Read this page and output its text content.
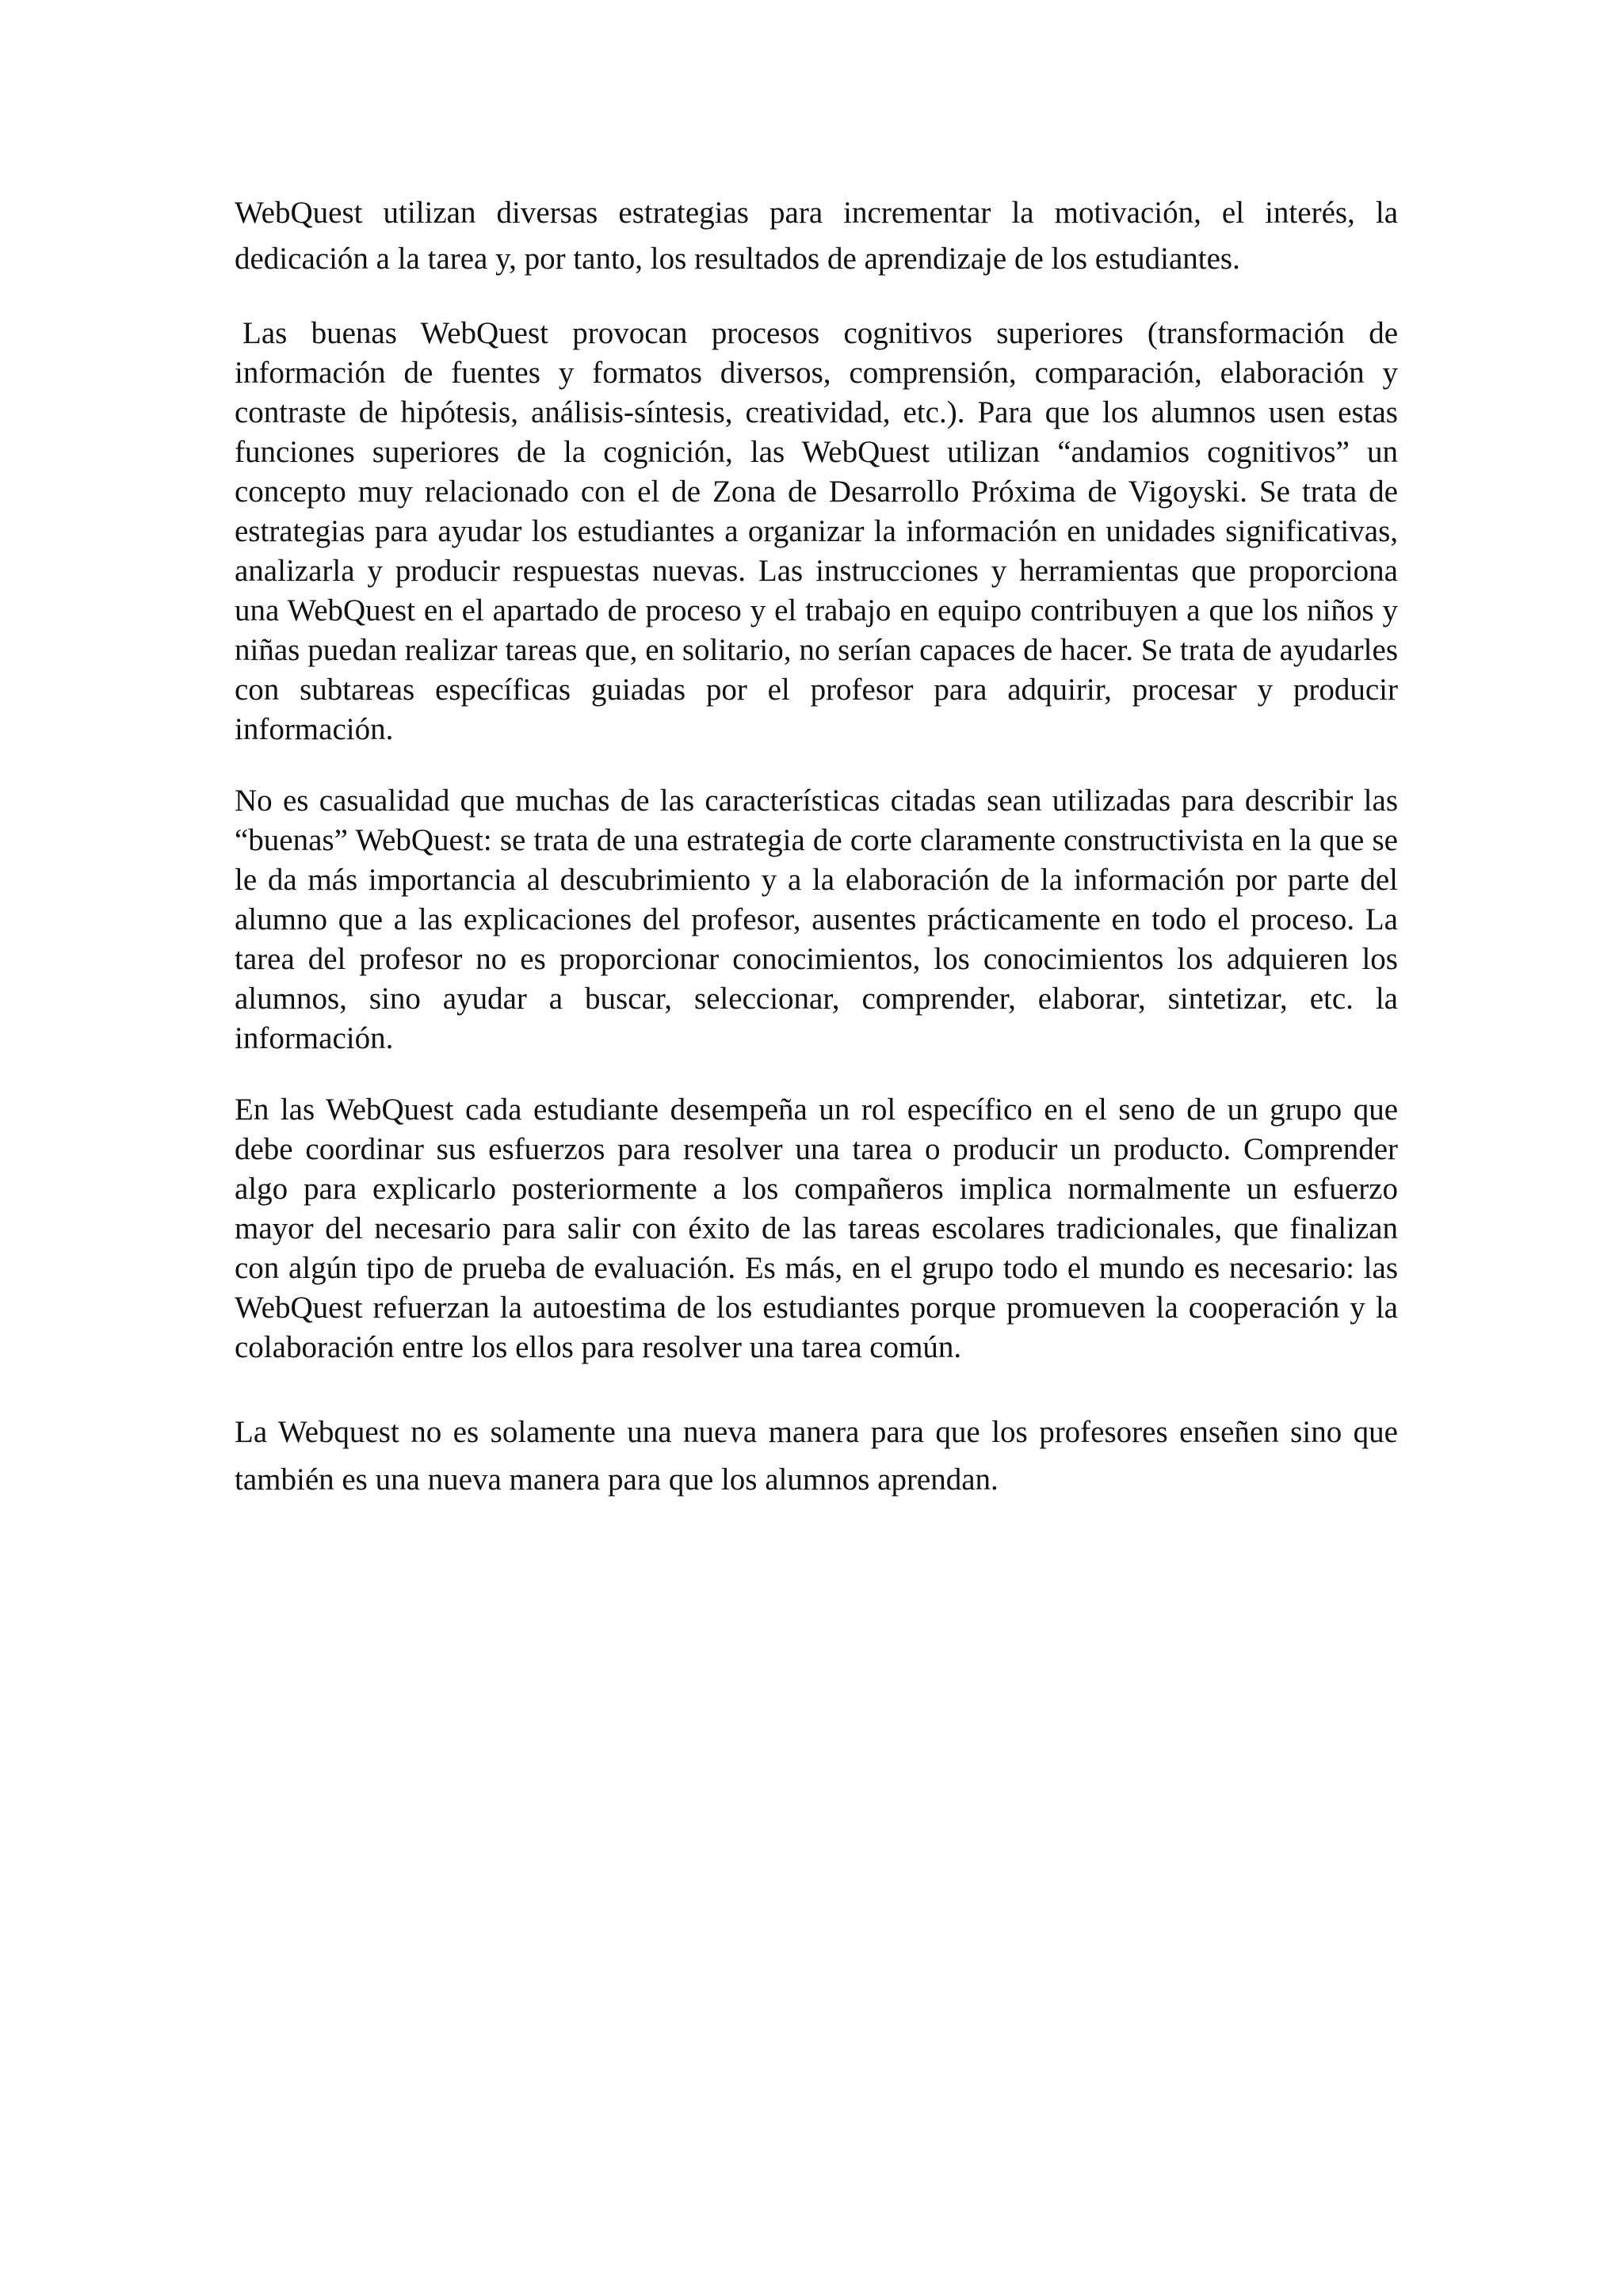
WebQuest utilizan diversas estrategias para incrementar la motivación, el interés, la dedicación a la tarea y, por tanto, los resultados de aprendizaje de los estudiantes.

Las buenas WebQuest provocan procesos cognitivos superiores (transformación de información de fuentes y formatos diversos, comprensión, comparación, elaboración y contraste de hipótesis, análisis-síntesis, creatividad, etc.). Para que los alumnos usen estas funciones superiores de la cognición, las WebQuest utilizan “andamios cognitivos” un concepto muy relacionado con el de Zona de Desarrollo Próxima de Vigoyski. Se trata de estrategias para ayudar los estudiantes a organizar la información en unidades significativas, analizarla y producir respuestas nuevas. Las instrucciones y herramientas que proporciona una WebQuest en el apartado de proceso y el trabajo en equipo contribuyen a que los niños y niñas puedan realizar tareas que, en solitario, no serían capaces de hacer. Se trata de ayudarles con subtareas específicas guiadas por el profesor para adquirir, procesar y producir información.

No es casualidad que muchas de las características citadas sean utilizadas para describir las “buenas” WebQuest: se trata de una estrategia de corte claramente constructivista en la que se le da más importancia al descubrimiento y a la elaboración de la información por parte del alumno que a las explicaciones del profesor, ausentes prácticamente en todo el proceso. La tarea del profesor no es proporcionar conocimientos, los conocimientos los adquieren los alumnos, sino ayudar a buscar, seleccionar, comprender, elaborar, sintetizar, etc. la información.

En las WebQuest cada estudiante desempeña un rol específico en el seno de un grupo que debe coordinar sus esfuerzos para resolver una tarea o producir un producto. Comprender algo para explicarlo posteriormente a los compañeros implica normalmente un esfuerzo mayor del necesario para salir con éxito de las tareas escolares tradicionales, que finalizan con algún tipo de prueba de evaluación. Es más, en el grupo todo el mundo es necesario: las WebQuest refuerzan la autoestima de los estudiantes porque promueven la cooperación y la colaboración entre los ellos para resolver una tarea común.

La Webquest no es solamente una nueva manera para que los profesores enseñen sino que también es una nueva manera para que los alumnos aprendan.
